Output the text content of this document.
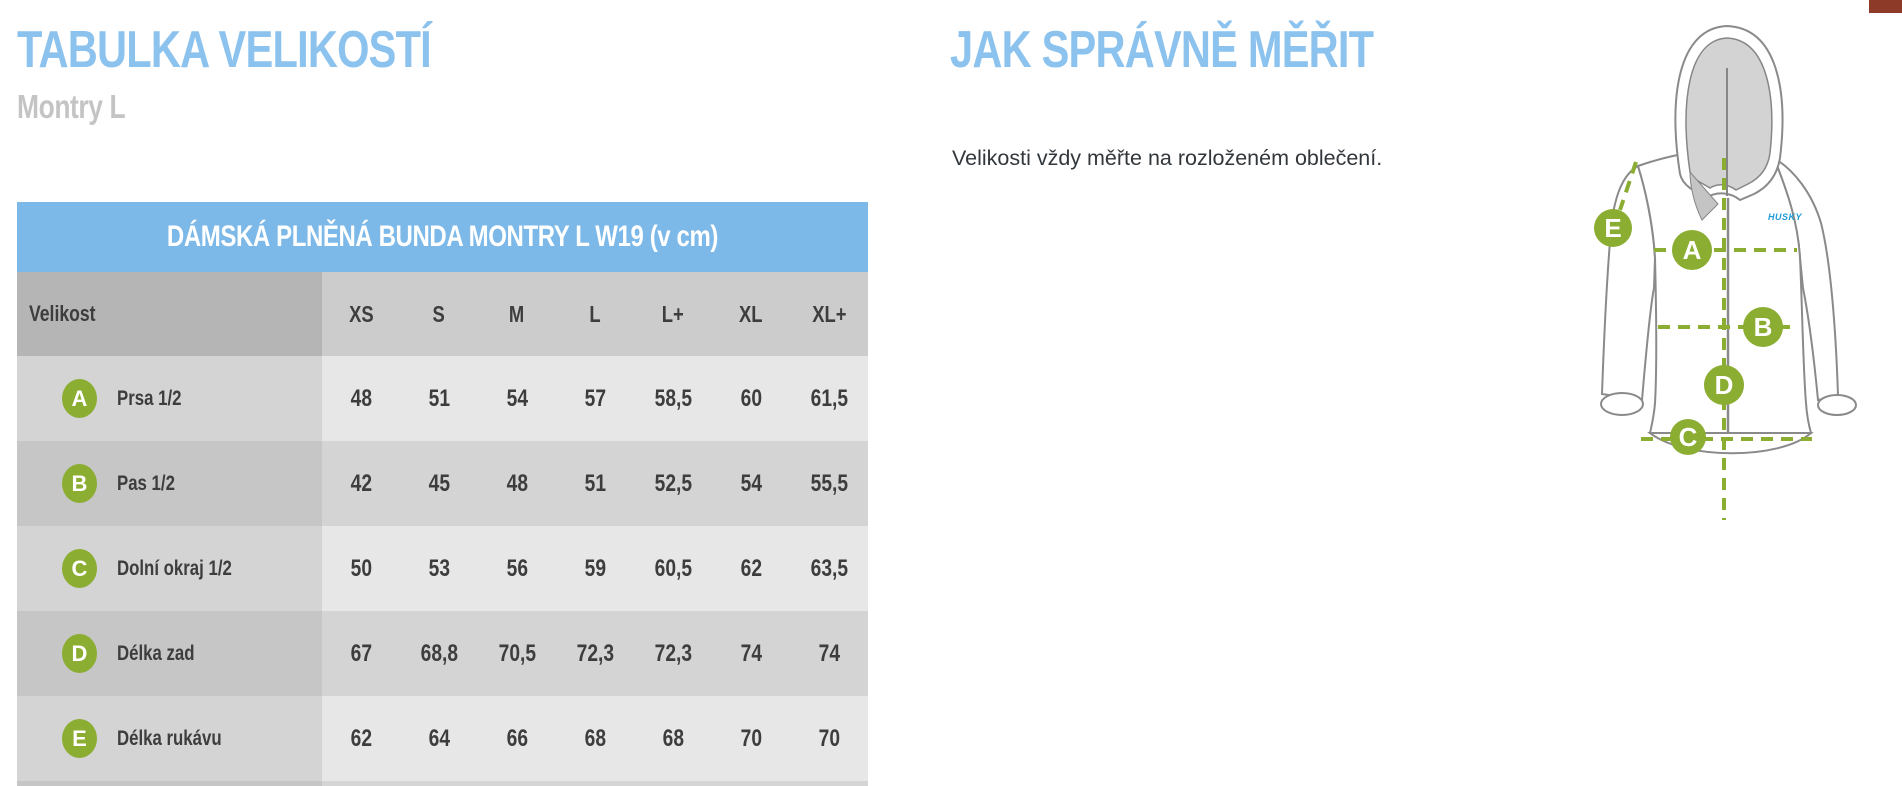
TABULKA VELIKOSTÍ
Montry L
JAK SPRÁVNĚ MĚŘIT

Velikosti vždy měřte na rozloženém oblečení.

DÁMSKÁ PLNĚNÁ BUNDA MONTRY L W19 (v cm)
Velikost	XS	S	M	L	L+ XL XL+
A	Prsa 1/2	48 51 54 57 58,5 60 61,5
B	Pas 1/2	42 45 48 51 52,5 54 55,5
C	Dolní okraj 1/2	50 53 56 59 60,5 62 63,5
D	Délka zad	67 68,8 70,5 72,3 72,3 74 74
E	Délka rukávu	62 64 66 68 68 70 70
HUSKY
A
B
C
D
E
